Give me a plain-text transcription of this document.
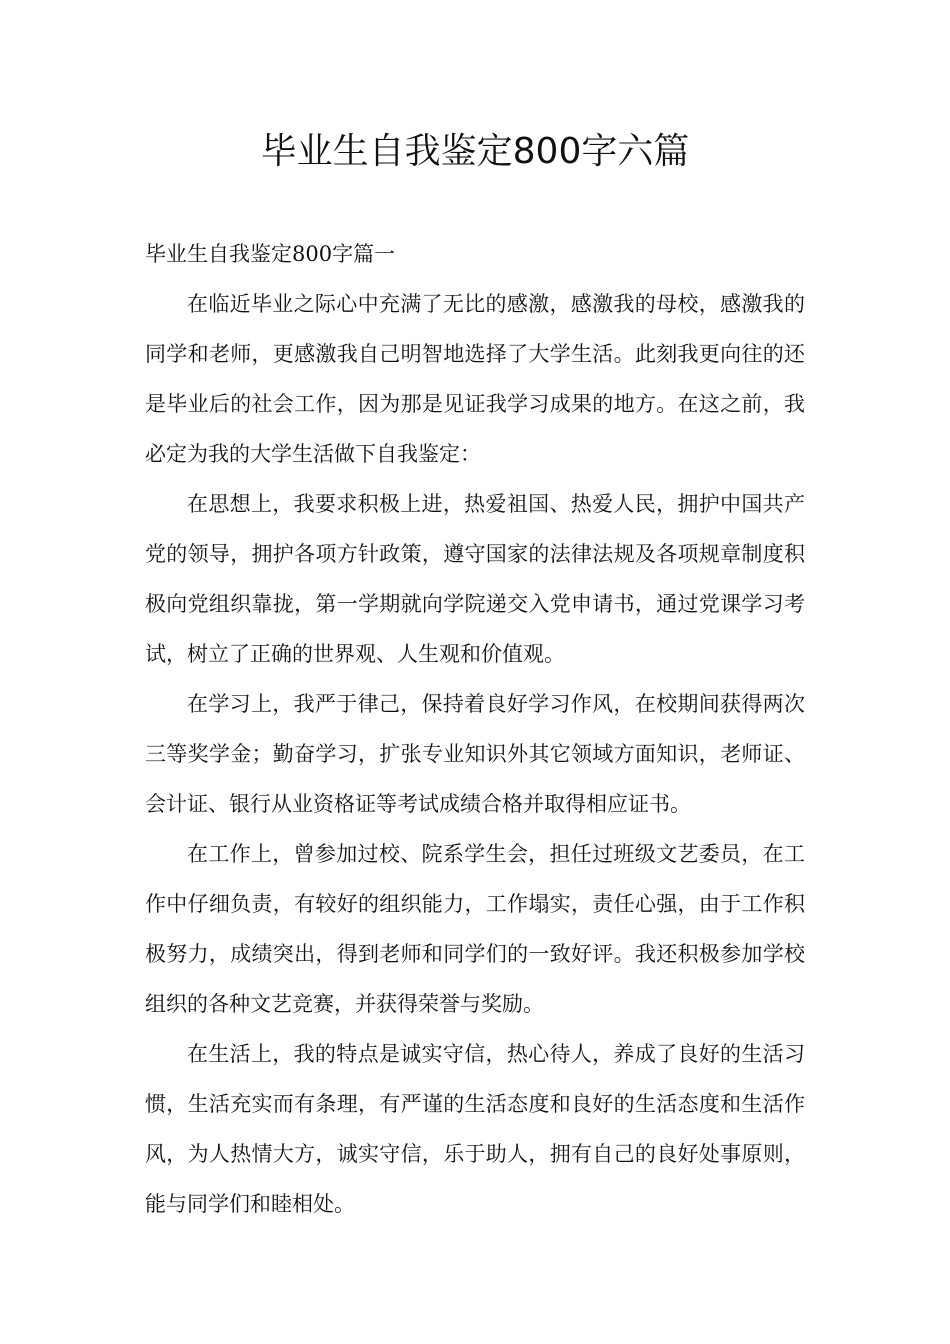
毕业生自我鉴定800字六篇

毕业生自我鉴定800字篇一

在临近毕业之际心中充满了无比的感激，感激我的母校，感激我的同学和老师，更感激我自己明智地选择了大学生活。此刻我更向往的还是毕业后的社会工作，因为那是见证我学习成果的地方。在这之前，我必定为我的大学生活做下自我鉴定：

在思想上，我要求积极上进，热爱祖国、热爱人民，拥护中国共产党的领导，拥护各项方针政策，遵守国家的法律法规及各项规章制度积极向党组织靠拢，第一学期就向学院递交入党申请书，通过党课学习考试，树立了正确的世界观、人生观和价值观。

在学习上，我严于律己，保持着良好学习作风，在校期间获得两次三等奖学金；勤奋学习，扩张专业知识外其它领域方面知识，老师证、会计证、银行从业资格证等考试成绩合格并取得相应证书。

在工作上，曾参加过校、院系学生会，担任过班级文艺委员，在工作中仔细负责，有较好的组织能力，工作塌实，责任心强，由于工作积极努力，成绩突出，得到老师和同学们的一致好评。我还积极参加学校组织的各种文艺竞赛，并获得荣誉与奖励。

在生活上，我的特点是诚实守信，热心待人，养成了良好的生活习惯，生活充实而有条理，有严谨的生活态度和良好的生活态度和生活作风，为人热情大方，诚实守信，乐于助人，拥有自己的良好处事原则，能与同学们和睦相处。
